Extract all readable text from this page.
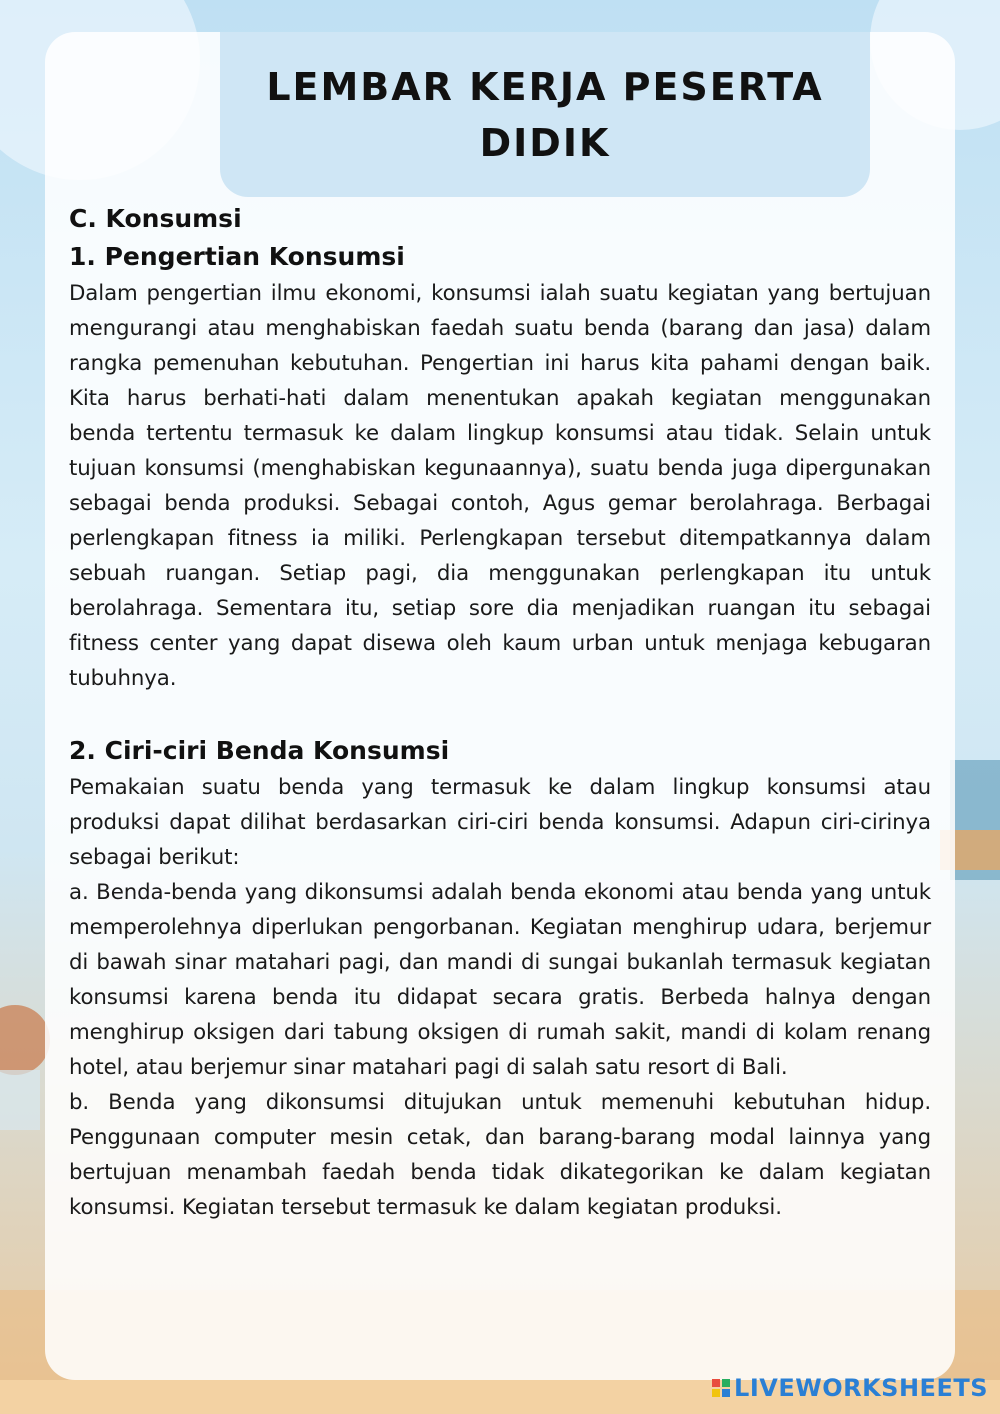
LEMBAR KERJA PESERTA DIDIK
C. Konsumsi
1. Pengertian Konsumsi

Dalam pengertian ilmu ekonomi, konsumsi ialah suatu kegiatan yang bertujuan mengurangi atau menghabiskan faedah suatu benda (barang dan jasa) dalam rangka pemenuhan kebutuhan. Pengertian ini harus kita pahami dengan baik. Kita harus berhati-hati dalam menentukan apakah kegiatan menggunakan benda tertentu termasuk ke dalam lingkup konsumsi atau tidak. Selain untuk tujuan konsumsi (menghabiskan kegunaannya), suatu benda juga dipergunakan sebagai benda produksi. Sebagai contoh, Agus gemar berolahraga. Berbagai perlengkapan fitness ia miliki. Perlengkapan tersebut ditempatkannya dalam sebuah ruangan. Setiap pagi, dia menggunakan perlengkapan itu untuk berolahraga. Sementara itu, setiap sore dia menjadikan ruangan itu sebagai fitness center yang dapat disewa oleh kaum urban untuk menjaga kebugaran tubuhnya.

2. Ciri-ciri Benda Konsumsi

Pemakaian suatu benda yang termasuk ke dalam lingkup konsumsi atau produksi dapat dilihat berdasarkan ciri-ciri benda konsumsi. Adapun ciri-cirinya sebagai berikut:

a. Benda-benda yang dikonsumsi adalah benda ekonomi atau benda yang untuk memperolehnya diperlukan pengorbanan. Kegiatan menghirup udara, berjemur di bawah sinar matahari pagi, dan mandi di sungai bukanlah termasuk kegiatan konsumsi karena benda itu didapat secara gratis. Berbeda halnya dengan menghirup oksigen dari tabung oksigen di rumah sakit, mandi di kolam renang hotel, atau berjemur sinar matahari pagi di salah satu resort di Bali.

b. Benda yang dikonsumsi ditujukan untuk memenuhi kebutuhan hidup. Penggunaan computer mesin cetak, dan barang-barang modal lainnya yang bertujuan menambah faedah benda tidak dikategorikan ke dalam kegiatan konsumsi. Kegiatan tersebut termasuk ke dalam kegiatan produksi.

LIVEWORKSHEETS
